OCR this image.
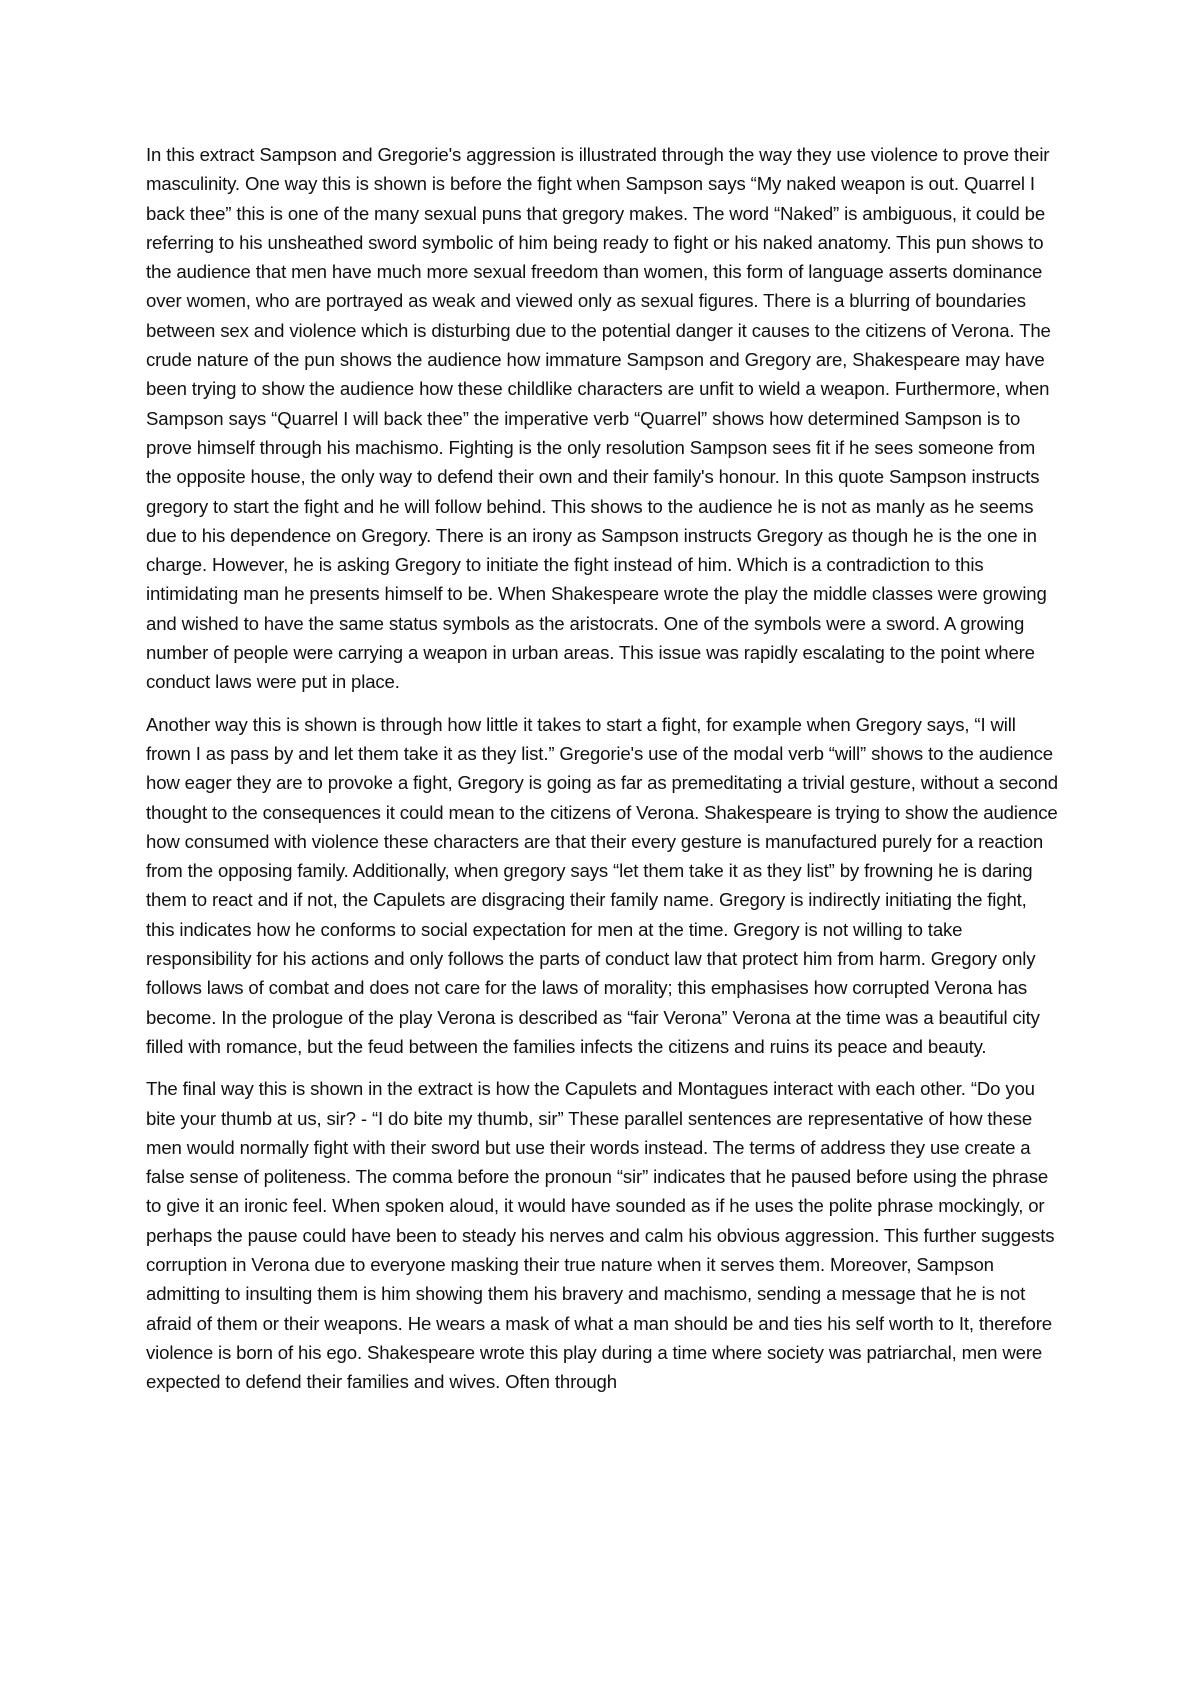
In this extract Sampson and Gregorie's aggression is illustrated through the way they use violence to prove their masculinity. One way this is shown is before the fight when Sampson says “My naked weapon is out. Quarrel I back thee” this is one of the many sexual puns that gregory makes. The word “Naked” is ambiguous, it could be referring to his unsheathed sword symbolic of him being ready to fight or his naked anatomy. This pun shows to the audience that men have much more sexual freedom than women, this form of language asserts dominance over women, who are portrayed as weak and viewed only as sexual figures. There is a blurring of boundaries between sex and violence which is disturbing due to the potential danger it causes to the citizens of Verona. The crude nature of the pun shows the audience how immature Sampson and Gregory are, Shakespeare may have been trying to show the audience how these childlike characters are unfit to wield a weapon. Furthermore, when Sampson says “Quarrel I will back thee” the imperative verb “Quarrel” shows how determined Sampson is to prove himself through his machismo. Fighting is the only resolution Sampson sees fit if he sees someone from the opposite house, the only way to defend their own and their family's honour. In this quote Sampson instructs gregory to start the fight and he will follow behind. This shows to the audience he is not as manly as he seems due to his dependence on Gregory. There is an irony as Sampson instructs Gregory as though he is the one in charge. However, he is asking Gregory to initiate the fight instead of him. Which is a contradiction to this intimidating man he presents himself to be. When Shakespeare wrote the play the middle classes were growing and wished to have the same status symbols as the aristocrats. One of the symbols were a sword. A growing number of people were carrying a weapon in urban areas. This issue was rapidly escalating to the point where conduct laws were put in place.

Another way this is shown is through how little it takes to start a fight, for example when Gregory says, “I will frown I as pass by and let them take it as they list.” Gregorie's use of the modal verb “will” shows to the audience how eager they are to provoke a fight, Gregory is going as far as premeditating a trivial gesture, without a second thought to the consequences it could mean to the citizens of Verona. Shakespeare is trying to show the audience how consumed with violence these characters are that their every gesture is manufactured purely for a reaction from the opposing family. Additionally, when gregory says “let them take it as they list” by frowning he is daring them to react and if not, the Capulets are disgracing their family name. Gregory is indirectly initiating the fight, this indicates how he conforms to social expectation for men at the time. Gregory is not willing to take responsibility for his actions and only follows the parts of conduct law that protect him from harm. Gregory only follows laws of combat and does not care for the laws of morality; this emphasises how corrupted Verona has become. In the prologue of the play Verona is described as “fair Verona” Verona at the time was a beautiful city filled with romance, but the feud between the families infects the citizens and ruins its peace and beauty.

The final way this is shown in the extract is how the Capulets and Montagues interact with each other. “Do you bite your thumb at us, sir? - “I do bite my thumb, sir” These parallel sentences are representative of how these men would normally fight with their sword but use their words instead. The terms of address they use create a false sense of politeness. The comma before the pronoun “sir” indicates that he paused before using the phrase to give it an ironic feel. When spoken aloud, it would have sounded as if he uses the polite phrase mockingly, or perhaps the pause could have been to steady his nerves and calm his obvious aggression. This further suggests corruption in Verona due to everyone masking their true nature when it serves them. Moreover, Sampson admitting to insulting them is him showing them his bravery and machismo, sending a message that he is not afraid of them or their weapons. He wears a mask of what a man should be and ties his self worth to It, therefore violence is born of his ego. Shakespeare wrote this play during a time where society was patriarchal, men were expected to defend their families and wives. Often through
